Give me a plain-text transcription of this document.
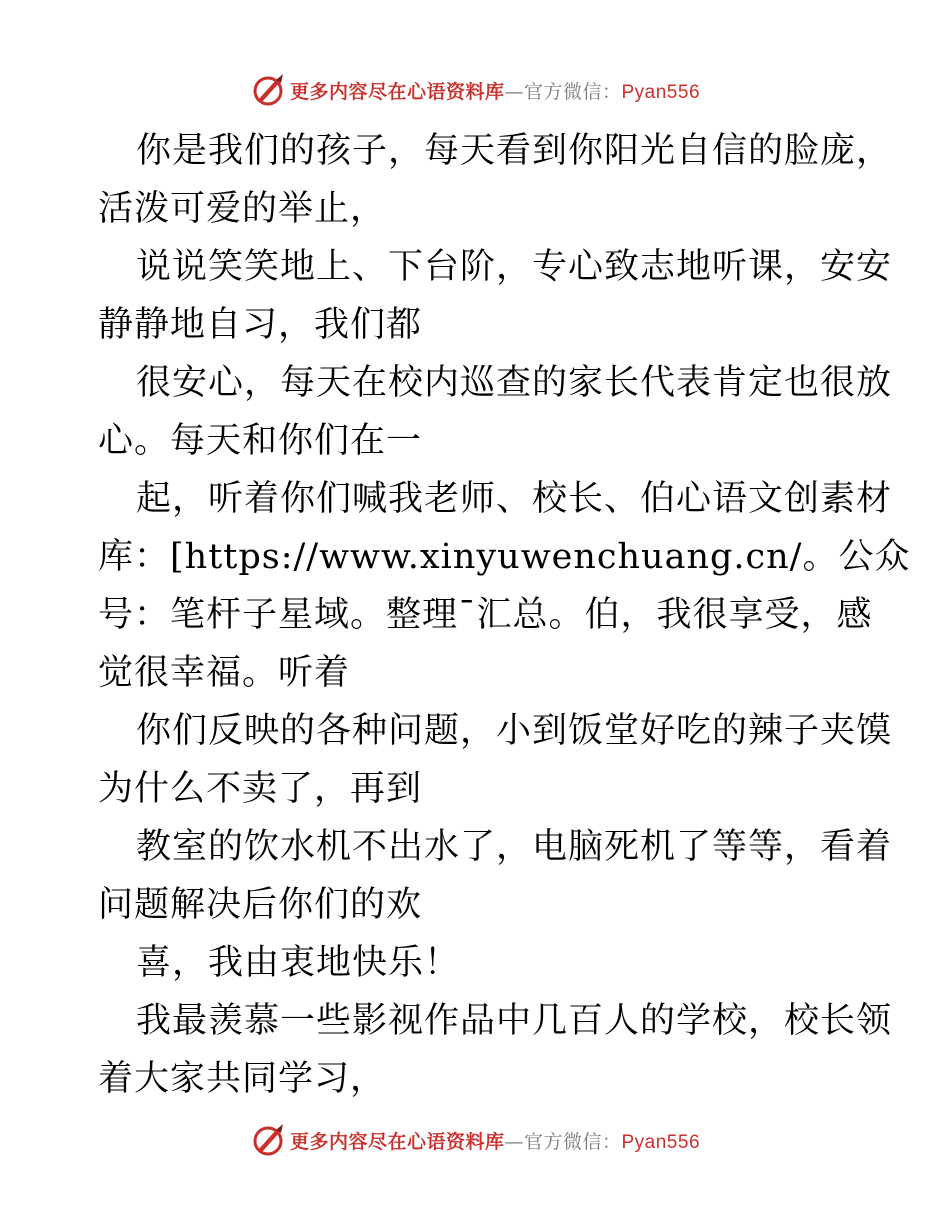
更多内容尽在心语资料库—官方微信：Pyan556
你是我们的孩子，每天看到你阳光自信的脸庞，
活泼可爱的举止，
说说笑笑地上、下台阶，专心致志地听课，安安
静静地自习，我们都
很安心，每天在校内巡查的家长代表肯定也很放
心。每天和你们在一
起，听着你们喊我老师、校长、伯心语文创素材
库：[https://www.xinyuwenchuang.cn/。公众
号：笔杆子星域。整理¯汇总。伯，我很享受，感
觉很幸福。听着
你们反映的各种问题，小到饭堂好吃的辣子夹馍
为什么不卖了，再到
教室的饮水机不出水了，电脑死机了等等，看着
问题解决后你们的欢
喜，我由衷地快乐！
我最羡慕一些影视作品中几百人的学校，校长领
着大家共同学习，
更多内容尽在心语资料库—官方微信：Pyan556
